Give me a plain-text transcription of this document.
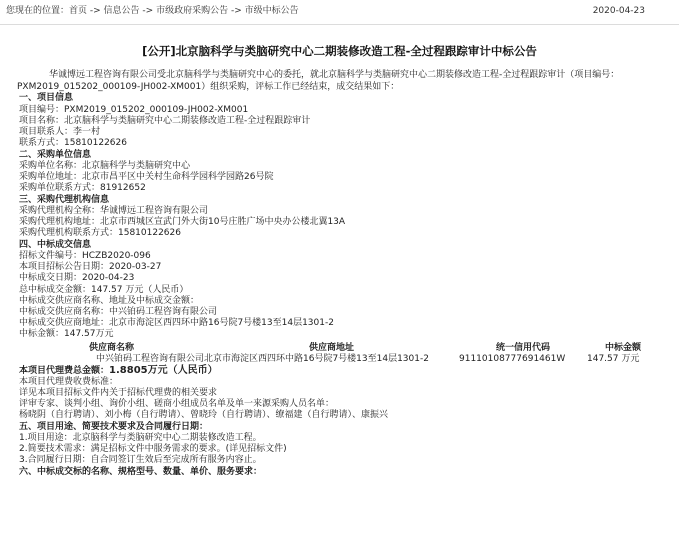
您现在的位置：首页 -> 信息公告 -> 市级政府采购公告 -> 市级中标公告	2020-04-23
[公开]北京脑科学与类脑研究中心二期装修改造工程-全过程跟踪审计中标公告
华诚博远工程咨询有限公司受北京脑科学与类脑研究中心的委托，就北京脑科学与类脑研究中心二期装修改造工程-全过程跟踪审计（项目编号：PXM2019_015202_000109-JH002-XM001）组织采购，评标工作已经结束，成交结果如下：
一、项目信息
项目编号：PXM2019_015202_000109-JH002-XM001
项目名称：北京脑科学与类脑研究中心二期装修改造工程-全过程跟踪审计
项目联系人：李一村
联系方式：15810122626
二、采购单位信息
采购单位名称：北京脑科学与类脑研究中心
采购单位地址：北京市昌平区中关村生命科学园科学园路26号院
采购单位联系方式：81912652
三、采购代理机构信息
采购代理机构全称：华诚博远工程咨询有限公司
采购代理机构地址：北京市西城区宣武门外大街10号庄胜广场中央办公楼北翼13A
采购代理机构联系方式：15810122626
四、中标成交信息
招标文件编号：HCZB2020-096
本项目招标公告日期：2020-03-27
中标成交日期：2020-04-23
总中标成交金额：147.57 万元（人民币）
中标成交供应商名称、地址及中标成交金额：
中标成交供应商名称：中兴铂码工程咨询有限公司
中标成交供应商地址：北京市海淀区西四环中路16号院7号楼13至14层1301-2
中标金额：147.57万元
供应商名称	供应商地址	统一信用代码	中标金额
中兴铂码工程咨询有限公司	北京市海淀区西四环中路16号院7号楼13至14层1301-2	91110108777691461W	147.57 万元
本项目代理费总金额：1.8805万元（人民币）
本项目代理费收费标准：
详见本项目招标文件内关于招标代理费的相关要求
评审专家、谈判小组、询价小组、磋商小组成员名单及单一来源采购人员名单：
杨晓阴（自行聘请）、刘小梅（自行聘请）、曾晓玲（自行聘请）、缭福建（自行聘请）、康振兴
五、项目用途、简要技术要求及合同履行日期：
1.项目用途：北京脑科学与类脑研究中心二期装修改造工程。
2.简要技术需求：满足招标文件中服务需求的要求。(详见招标文件)
3.合同履行日期：自合同签订生效后至完成所有服务内容止。
六、中标成交标的名称、规格型号、数量、单价、服务要求：
